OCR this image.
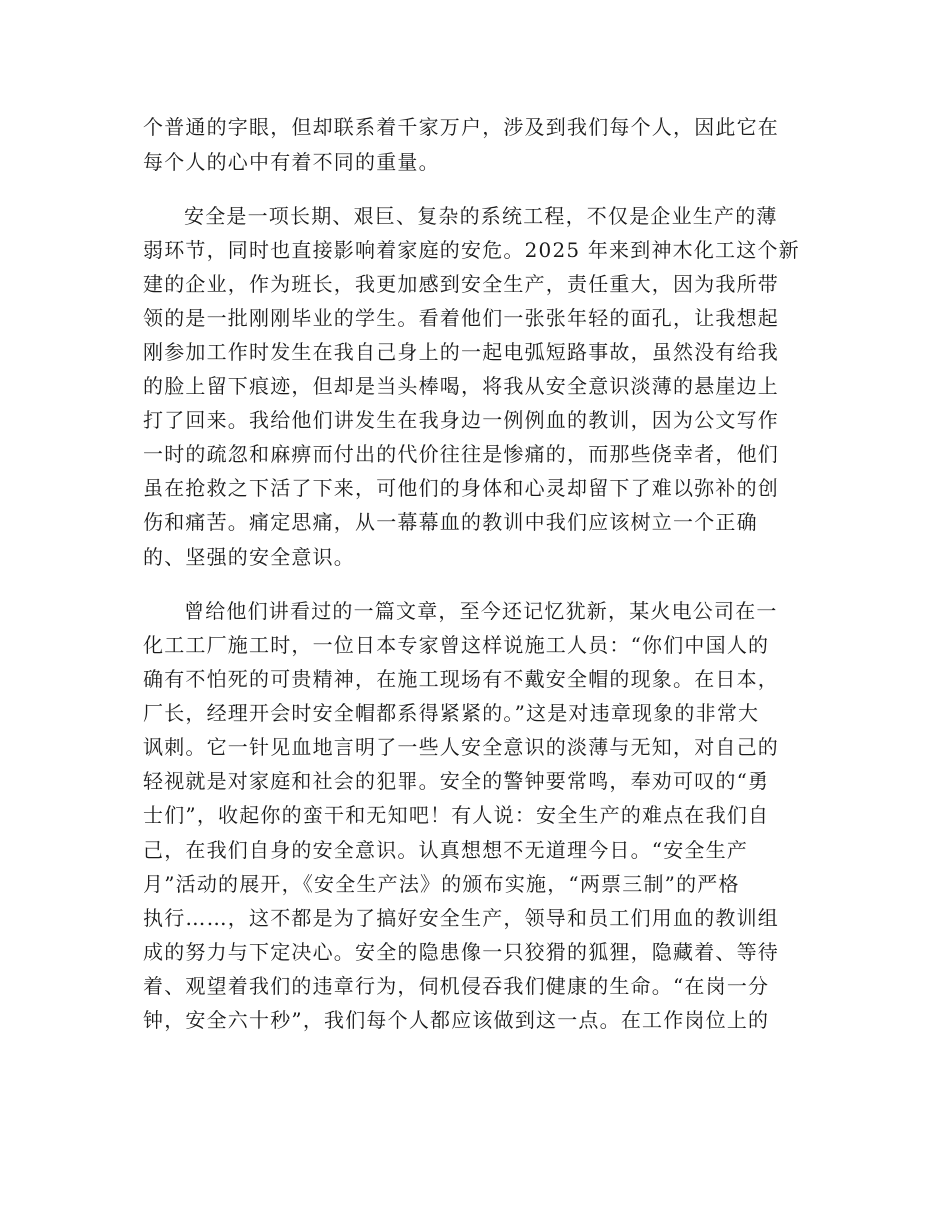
个普通的字眼，但却联系着千家万户，涉及到我们每个人，因此它在
每个人的心中有着不同的重量。
安全是一项长期、艰巨、复杂的系统工程，不仅是企业生产的薄
弱环节，同时也直接影响着家庭的安危。2025 年来到神木化工这个新
建的企业，作为班长，我更加感到安全生产，责任重大，因为我所带
领的是一批刚刚毕业的学生。看着他们一张张年轻的面孔，让我想起
刚参加工作时发生在我自己身上的一起电弧短路事故，虽然没有给我
的脸上留下痕迹，但却是当头棒喝，将我从安全意识淡薄的悬崖边上
打了回来。我给他们讲发生在我身边一例例血的教训，因为公文写作
一时的疏忽和麻痹而付出的代价往往是惨痛的，而那些侥幸者，他们
虽在抢救之下活了下来，可他们的身体和心灵却留下了难以弥补的创
伤和痛苦。痛定思痛，从一幕幕血的教训中我们应该树立一个正确
的、坚强的安全意识。
曾给他们讲看过的一篇文章，至今还记忆犹新，某火电公司在一
化工工厂施工时，一位日本专家曾这样说施工人员：“你们中国人的
确有不怕死的可贵精神，在施工现场有不戴安全帽的现象。在日本，
厂长，经理开会时安全帽都系得紧紧的。”这是对违章现象的非常大
讽刺。它一针见血地言明了一些人安全意识的淡薄与无知，对自己的
轻视就是对家庭和社会的犯罪。安全的警钟要常鸣，奉劝可叹的“勇
士们”，收起你的蛮干和无知吧！有人说：安全生产的难点在我们自
己，在我们自身的安全意识。认真想想不无道理今日。“安全生产
月”活动的展开，《安全生产法》的颁布实施，“两票三制”的严格
执行……，这不都是为了搞好安全生产，领导和员工们用血的教训组
成的努力与下定决心。安全的隐患像一只狡猾的狐狸，隐藏着、等待
着、观望着我们的违章行为，伺机侵吞我们健康的生命。“在岗一分
钟，安全六十秒”，我们每个人都应该做到这一点。在工作岗位上的
